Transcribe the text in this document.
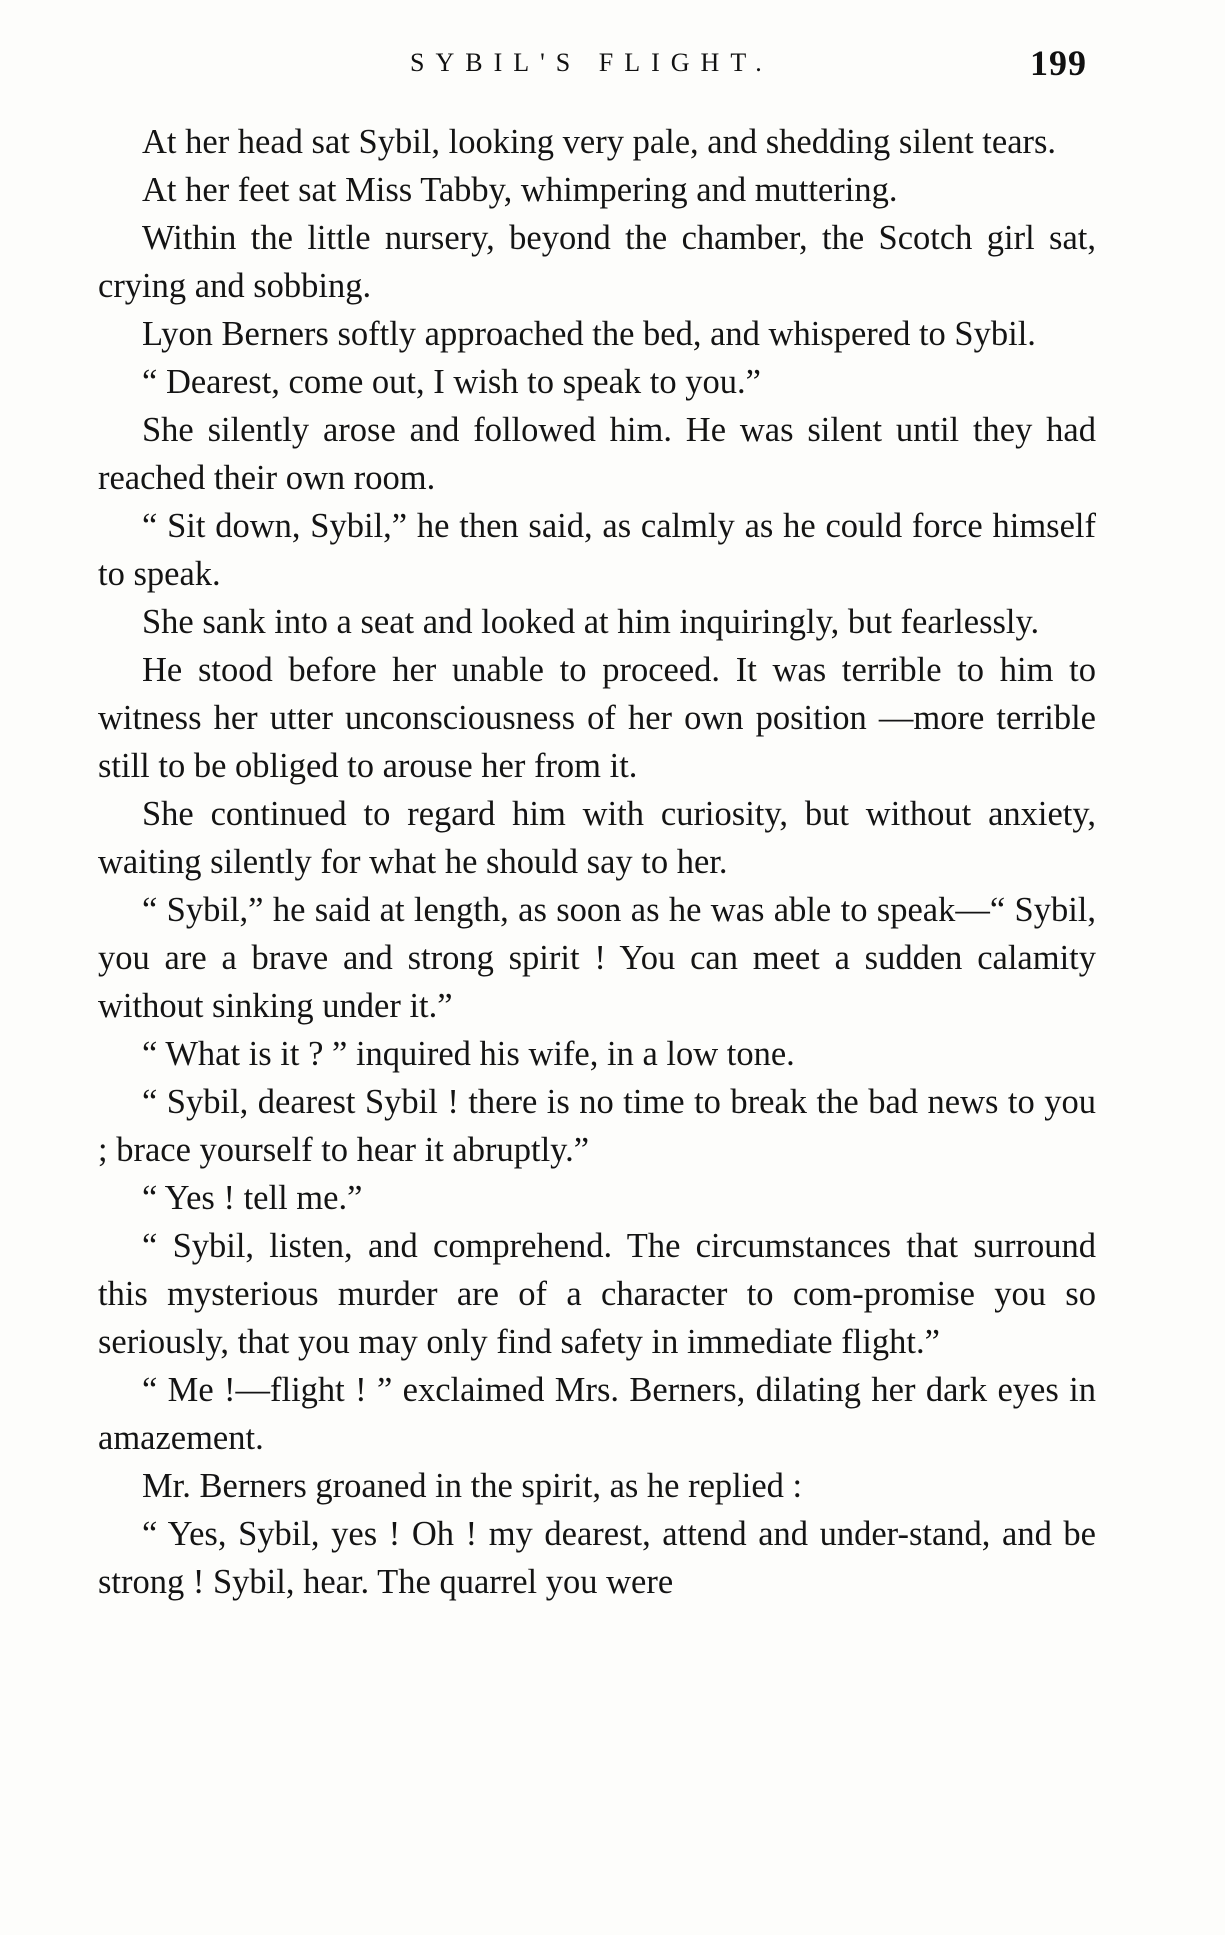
SYBIL'S FLIGHT.	199

At her head sat Sybil, looking very pale, and shedding silent tears.

At her feet sat Miss Tabby, whimpering and muttering.

Within the little nursery, beyond the chamber, the Scotch girl sat, crying and sobbing.

Lyon Berners softly approached the bed, and whispered to Sybil.

“ Dearest, come out, I wish to speak to you.”

She silently arose and followed him. He was silent until they had reached their own room.

“ Sit down, Sybil,” he then said, as calmly as he could force himself to speak.

She sank into a seat and looked at him inquiringly, but fearlessly.

He stood before her unable to proceed. It was terrible to him to witness her utter unconsciousness of her own position —more terrible still to be obliged to arouse her from it.

She continued to regard him with curiosity, but without anxiety, waiting silently for what he should say to her.

“ Sybil,” he said at length, as soon as he was able to speak—“ Sybil, you are a brave and strong spirit ! You can meet a sudden calamity without sinking under it.”

“ What is it ? ” inquired his wife, in a low tone.

“ Sybil, dearest Sybil ! there is no time to break the bad news to you ; brace yourself to hear it abruptly.”

“ Yes ! tell me.”

“ Sybil, listen, and comprehend. The circumstances that surround this mysterious murder are of a character to com-promise you so seriously, that you may only find safety in immediate flight.”

“ Me !—flight ! ” exclaimed Mrs. Berners, dilating her dark eyes in amazement.

Mr. Berners groaned in the spirit, as he replied :

“ Yes, Sybil, yes ! Oh ! my dearest, attend and under-stand, and be strong ! Sybil, hear. The quarrel you were
